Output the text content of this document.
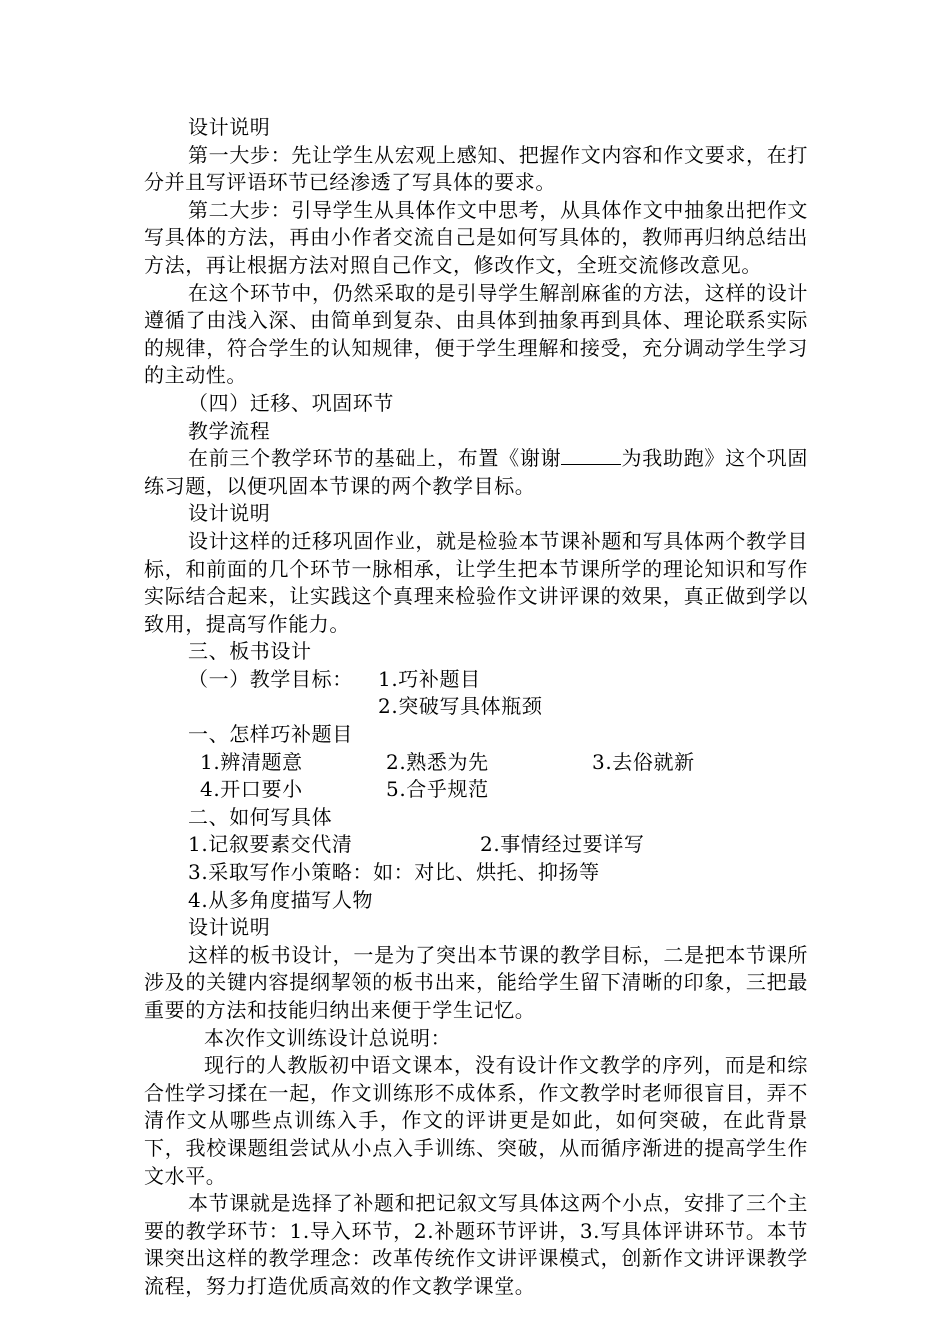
设计说明

第一大步：先让学生从宏观上感知、把握作文内容和作文要求，在打分并且写评语环节已经渗透了写具体的要求。

第二大步：引导学生从具体作文中思考，从具体作文中抽象出把作文写具体的方法，再由小作者交流自己是如何写具体的，教师再归纳总结出方法，再让根据方法对照自己作文，修改作文，全班交流修改意见。

在这个环节中，仍然采取的是引导学生解剖麻雀的方法，这样的设计遵循了由浅入深、由简单到复杂、由具体到抽象再到具体、理论联系实际的规律，符合学生的认知规律，便于学生理解和接受，充分调动学生学习的主动性。

（四）迁移、巩固环节

教学流程

在前三个教学环节的基础上，布置《谢谢	为我助跑》这个巩固练习题，以便巩固本节课的两个教学目标。

设计说明

设计这样的迁移巩固作业，就是检验本节课补题和写具体两个教学目标，和前面的几个环节一脉相承，让学生把本节课所学的理论知识和写作实际结合起来，让实践这个真理来检验作文讲评课的效果，真正做到学以致用，提高写作能力。

三、板书设计

（一）教学目标：	1.巧补题目
2.突破写具体瓶颈

一、怎样巧补题目

1.辨清题意	2.熟悉为先	3.去俗就新
4.开口要小	5.合乎规范

二、如何写具体

1.记叙要素交代清	2.事情经过要详写
3.采取写作小策略：如：对比、烘托、抑扬等
4.从多角度描写人物

设计说明

这样的板书设计，一是为了突出本节课的教学目标，二是把本节课所涉及的关键内容提纲挈领的板书出来，能给学生留下清晰的印象，三把最重要的方法和技能归纳出来便于学生记忆。

本次作文训练设计总说明：

现行的人教版初中语文课本，没有设计作文教学的序列，而是和综合性学习揉在一起，作文训练形不成体系，作文教学时老师很盲目，弄不清作文从哪些点训练入手，作文的评讲更是如此，如何突破，在此背景下，我校课题组尝试从小点入手训练、突破，从而循序渐进的提高学生作文水平。

本节课就是选择了补题和把记叙文写具体这两个小点，安排了三个主要的教学环节：1.导入环节，2.补题环节评讲，3.写具体评讲环节。本节课突出这样的教学理念：改革传统作文讲评课模式，创新作文讲评课教学流程，努力打造优质高效的作文教学课堂。
